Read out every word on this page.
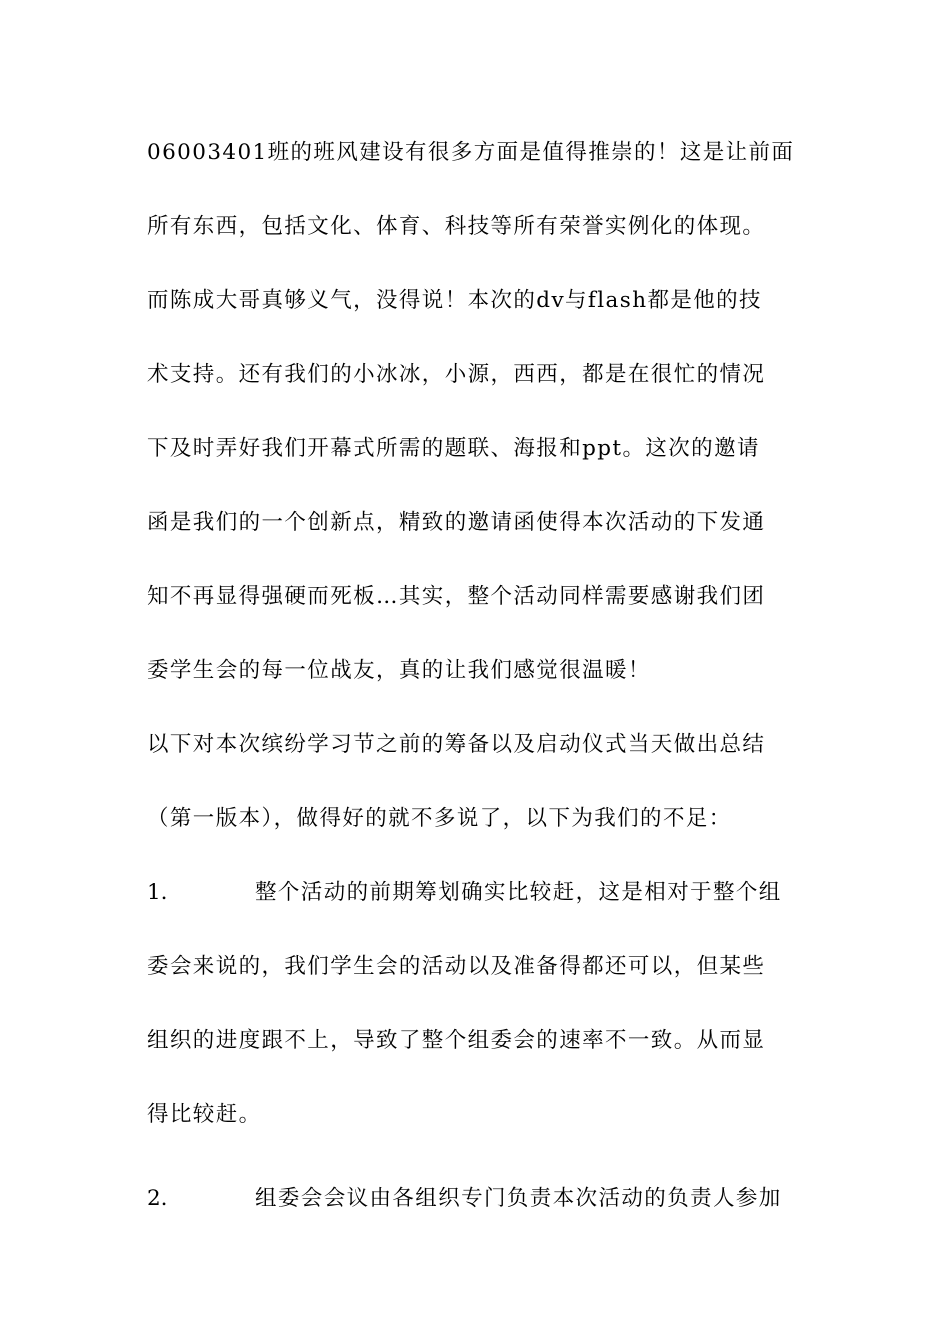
06003401班的班风建设有很多方面是值得推崇的！这是让前面
所有东西，包括文化、体育、科技等所有荣誉实例化的体现。
而陈成大哥真够义气，没得说！本次的dv与flash都是他的技
术支持。还有我们的小冰冰，小源，西西，都是在很忙的情况
下及时弄好我们开幕式所需的题联、海报和ppt。这次的邀请
函是我们的一个创新点，精致的邀请函使得本次活动的下发通
知不再显得强硬而死板…其实，整个活动同样需要感谢我们团
委学生会的每一位战友，真的让我们感觉很温暖！
以下对本次缤纷学习节之前的筹备以及启动仪式当天做出总结
（第一版本），做得好的就不多说了，以下为我们的不足：
1.	整个活动的前期筹划确实比较赶，这是相对于整个组
委会来说的，我们学生会的活动以及准备得都还可以，但某些
组织的进度跟不上，导致了整个组委会的速率不一致。从而显
得比较赶。
2.	组委会会议由各组织专门负责本次活动的负责人参加
